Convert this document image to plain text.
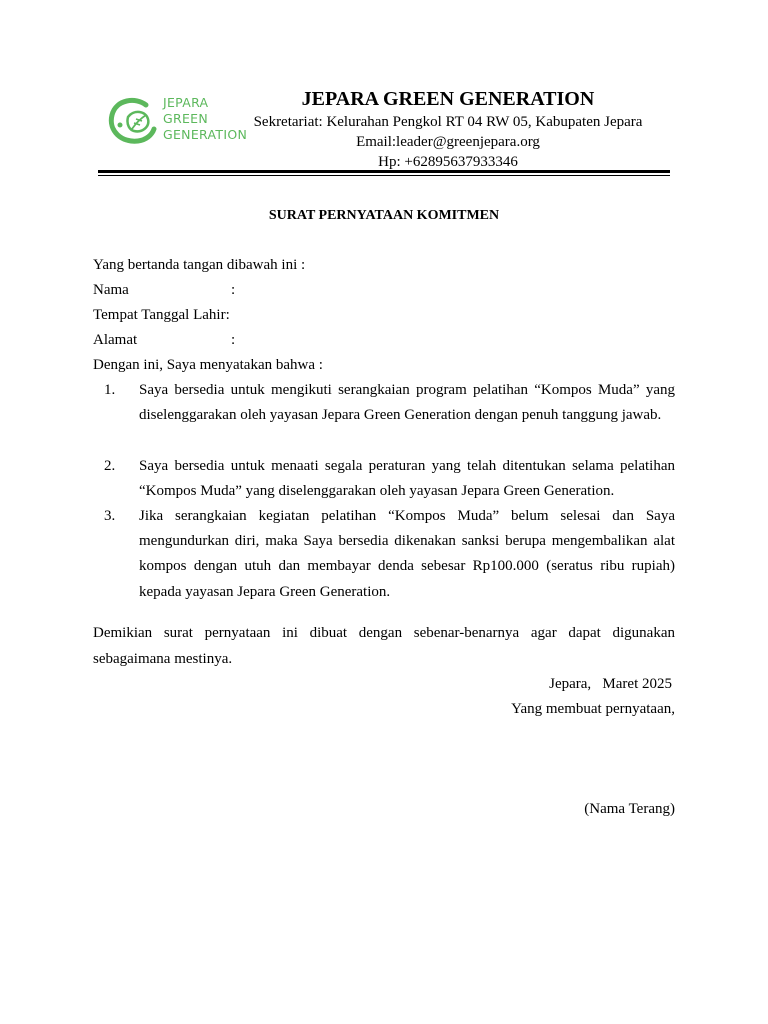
JEPARA
GREEN
GENERATION
JEPARA GREEN GENERATION
Sekretariat: Kelurahan Pengkol RT 04 RW 05, Kabupaten Jepara
Email:leader@greenjepara.org
Hp: +62895637933346
SURAT PERNYATAAN KOMITMEN
Yang bertanda tangan dibawah ini :
Nama	:
Tempat Tanggal Lahir:
Alamat	:
Dengan ini, Saya menyatakan bahwa :
1.	Saya bersedia untuk mengikuti serangkaian program pelatihan “Kompos Muda” yang diselenggarakan oleh yayasan Jepara Green Generation dengan penuh tanggung jawab.
2.	Saya bersedia untuk menaati segala peraturan yang telah ditentukan selama pelatihan “Kompos Muda” yang diselenggarakan oleh yayasan Jepara Green Generation.
3.	Jika serangkaian kegiatan pelatihan “Kompos Muda” belum selesai dan Saya mengundurkan diri, maka Saya bersedia dikenakan sanksi berupa mengembalikan alat kompos dengan utuh dan membayar denda sebesar Rp100.000 (seratus ribu rupiah) kepada yayasan Jepara Green Generation.
Demikian surat pernyataan ini dibuat dengan sebenar-benarnya agar dapat digunakan sebagaimana mestinya.
Jepara,   Maret 2025
Yang membuat pernyataan,
(Nama Terang)
